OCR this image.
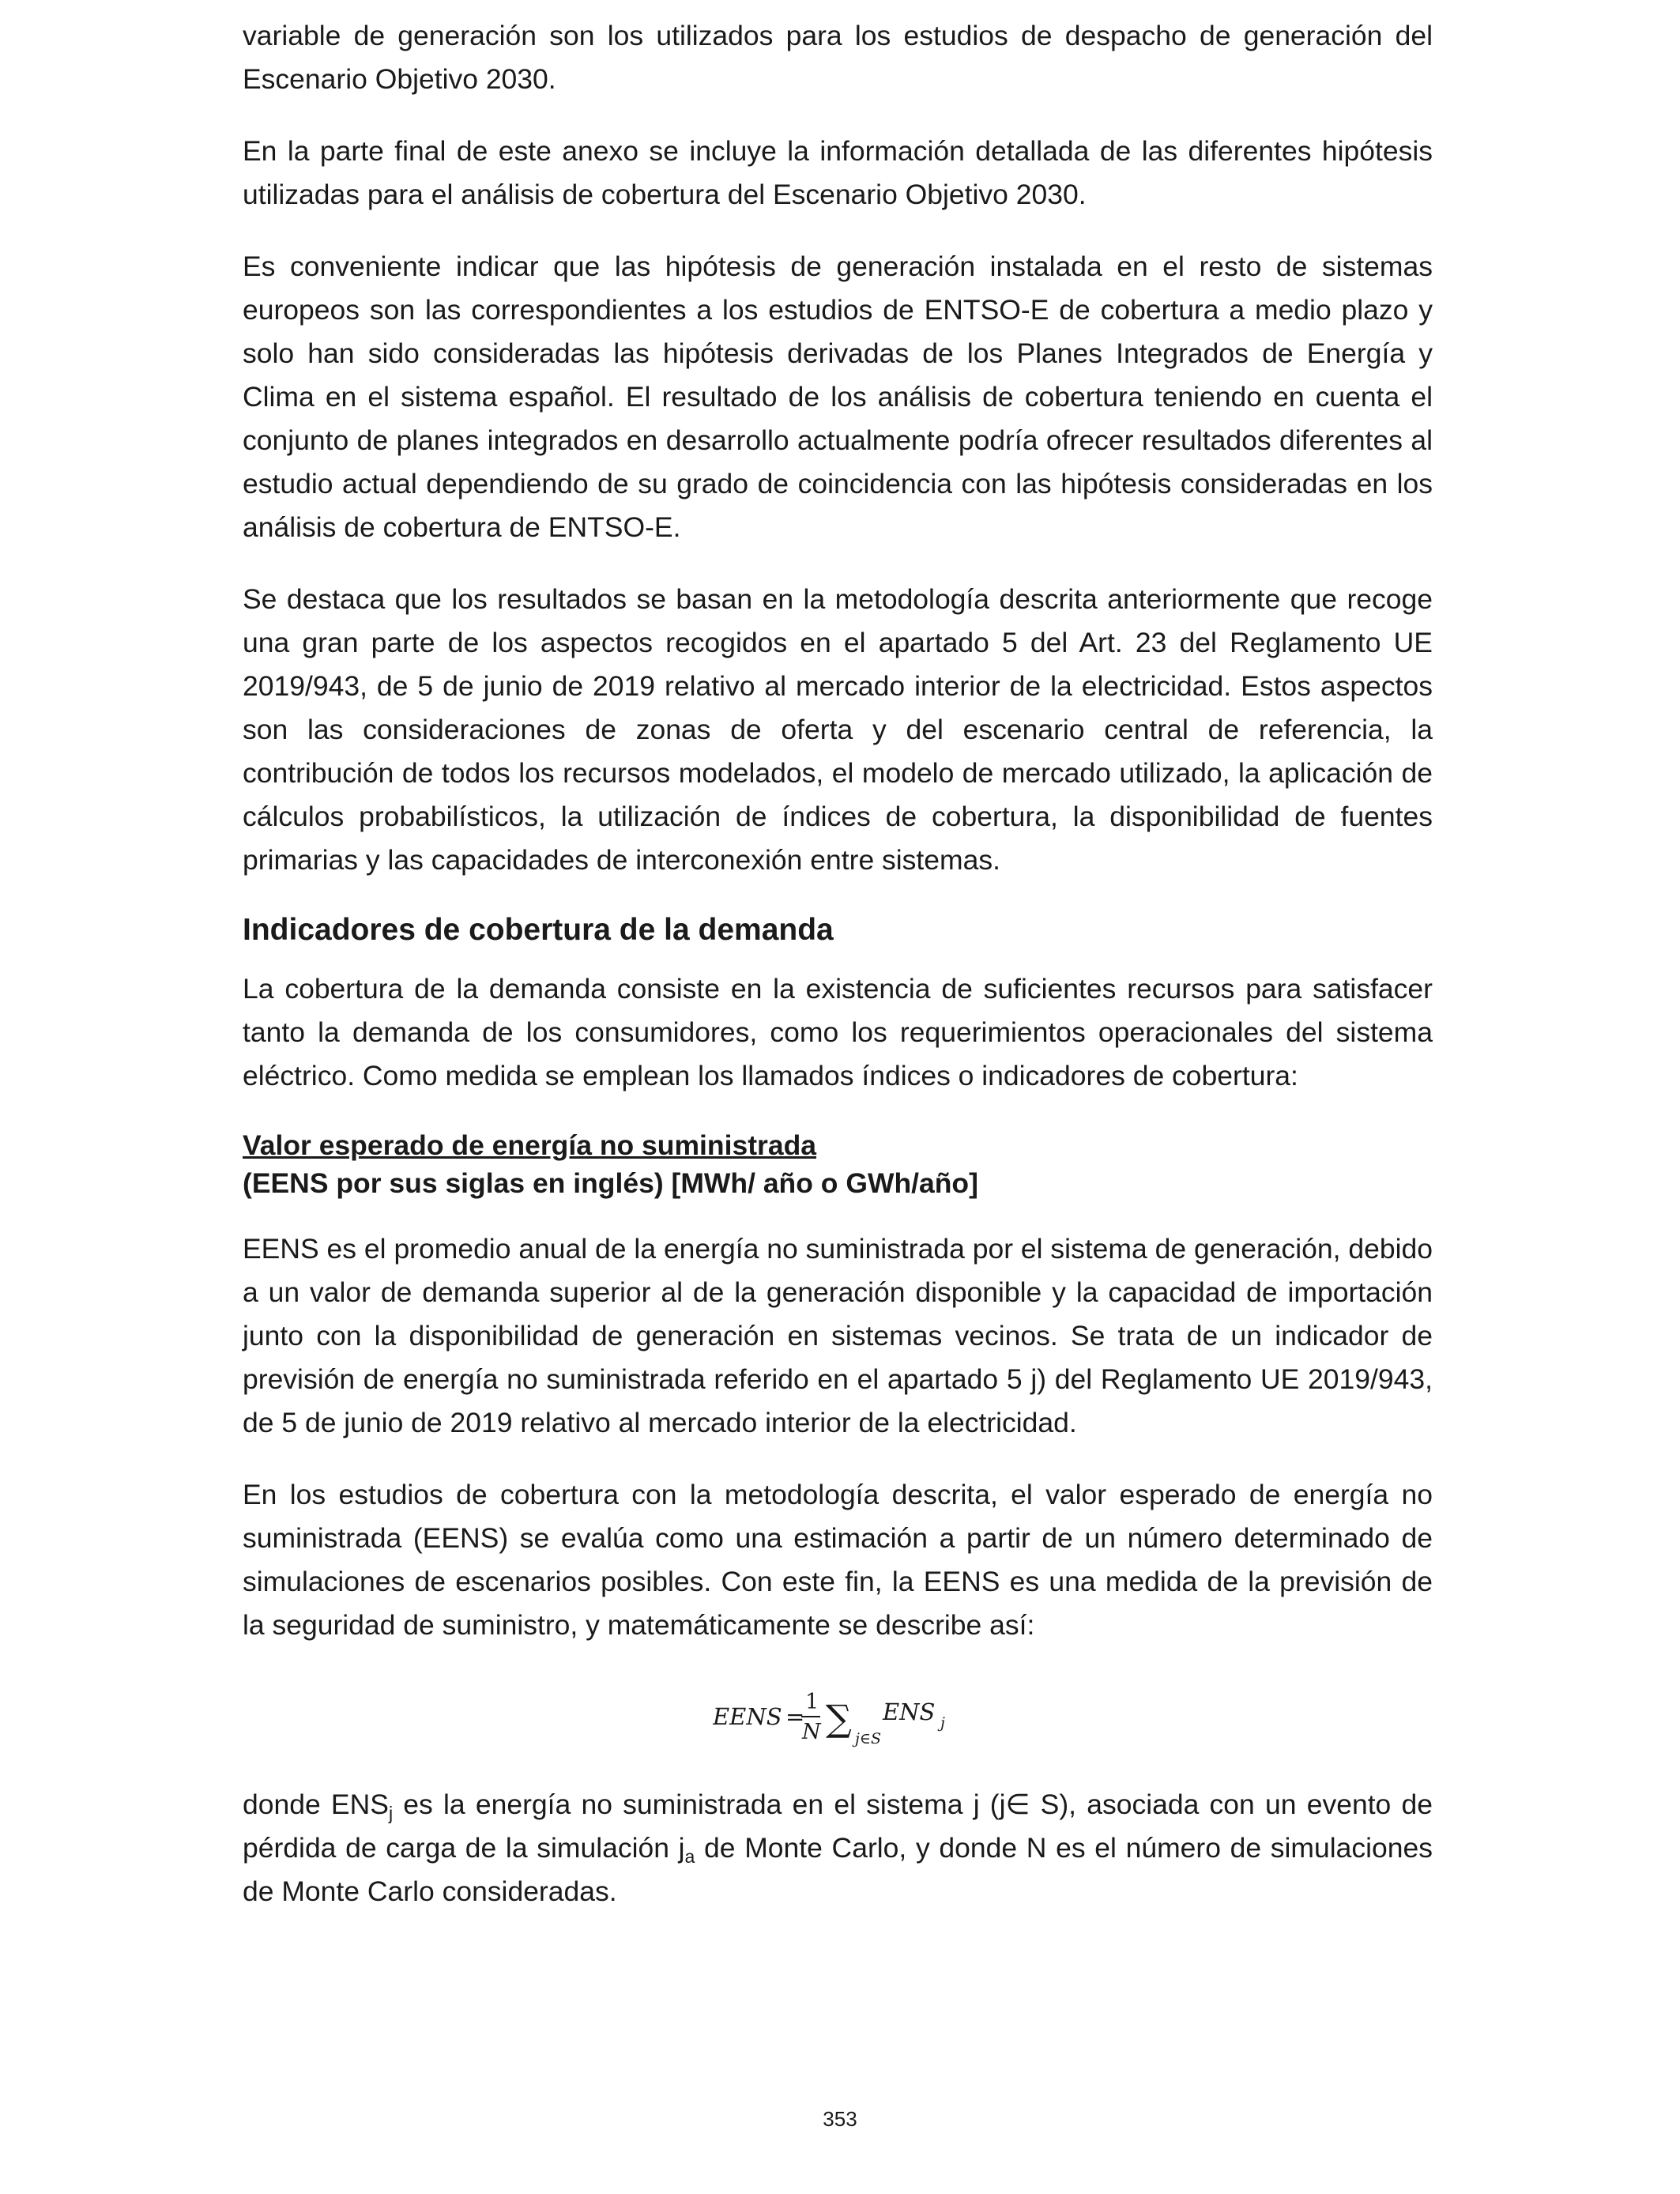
variable de generación son los utilizados para los estudios de despacho de generación del Escenario Objetivo 2030.

En la parte final de este anexo se incluye la información detallada de las diferentes hipótesis utilizadas para el análisis de cobertura del Escenario Objetivo 2030.

Es conveniente indicar que las hipótesis de generación instalada en el resto de sistemas europeos son las correspondientes a los estudios de ENTSO-E de cobertura a medio plazo y solo han sido consideradas las hipótesis derivadas de los Planes Integrados de Energía y Clima en el sistema español. El resultado de los análisis de cobertura teniendo en cuenta el conjunto de planes integrados en desarrollo actualmente podría ofrecer resultados diferentes al estudio actual dependiendo de su grado de coincidencia con las hipótesis consideradas en los análisis de cobertura de ENTSO-E.

Se destaca que los resultados se basan en la metodología descrita anteriormente que recoge una gran parte de los aspectos recogidos en el apartado 5 del Art. 23 del Reglamento UE 2019/943, de 5 de junio de 2019 relativo al mercado interior de la electricidad. Estos aspectos son las consideraciones de zonas de oferta y del escenario central de referencia, la contribución de todos los recursos modelados, el modelo de mercado utilizado, la aplicación de cálculos probabilísticos, la utilización de índices de cobertura, la disponibilidad de fuentes primarias y las capacidades de interconexión entre sistemas.

Indicadores de cobertura de la demanda

La cobertura de la demanda consiste en la existencia de suficientes recursos para satisfacer tanto la demanda de los consumidores, como los requerimientos operacionales del sistema eléctrico. Como medida se emplean los llamados índices o indicadores de cobertura:

Valor esperado de energía no suministrada
(EENS por sus siglas en inglés) [MWh/ año o GWh/año]

EENS es el promedio anual de la energía no suministrada por el sistema de generación, debido a un valor de demanda superior al de la generación disponible y la capacidad de importación junto con la disponibilidad de generación en sistemas vecinos. Se trata de un indicador de previsión de energía no suministrada referido en el apartado 5 j) del Reglamento UE 2019/943, de 5 de junio de 2019 relativo al mercado interior de la electricidad.

En los estudios de cobertura con la metodología descrita, el valor esperado de energía no suministrada (EENS) se evalúa como una estimación a partir de un número determinado de simulaciones de escenarios posibles. Con este fin, la EENS es una medida de la previsión de la seguridad de suministro, y matemáticamente se describe así:

EENS =
1
N ∑ j∈S
ENS j

donde $ENS_j$ es la energía no suministrada en el sistema j (j∈ S), asociada con un evento de pérdida de carga de la simulación $j_a$ de Monte Carlo, y donde N es el número de simulaciones de Monte Carlo consideradas.

353
